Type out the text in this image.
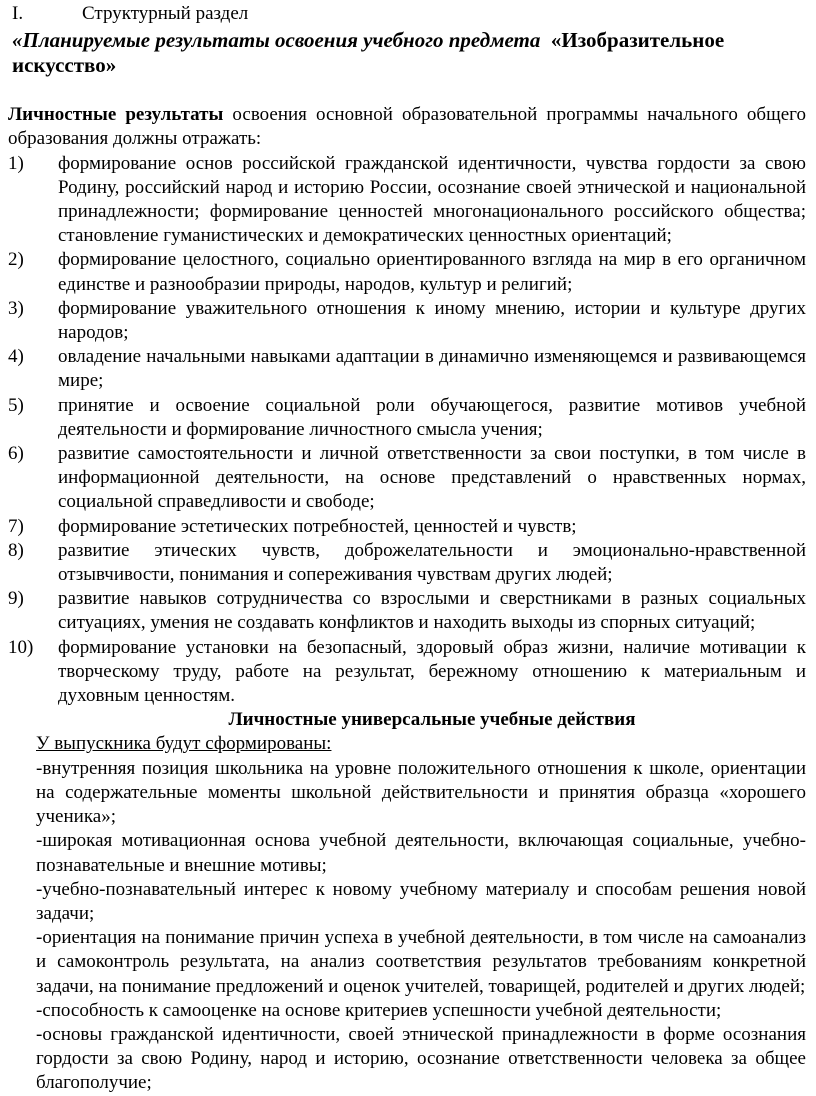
I.	Структурный раздел
«Планируемые результаты освоения учебного предмета «Изобразительное искусство»
Личностные результаты освоения основной образовательной программы начального общего образования должны отражать:
1)	формирование основ российской гражданской идентичности, чувства гордости за свою Родину, российский народ и историю России, осознание своей этнической и национальной принадлежности; формирование ценностей многонационального российского общества; становление гуманистических и демократических ценностных ориентаций;
2)	формирование целостного, социально ориентированного взгляда на мир в его органичном единстве и разнообразии природы, народов, культур и религий;
3)	формирование уважительного отношения к иному мнению, истории и культуре других народов;
4)	овладение начальными навыками адаптации в динамично изменяющемся и развивающемся мире;
5)	принятие и освоение социальной роли обучающегося, развитие мотивов учебной деятельности и формирование личностного смысла учения;
6)	развитие самостоятельности и личной ответственности за свои поступки, в том числе в информационной деятельности, на основе представлений о нравственных нормах, социальной справедливости и свободе;
7)	формирование эстетических потребностей, ценностей и чувств;
8)	развитие этических чувств, доброжелательности и эмоционально-нравственной отзывчивости, понимания и сопереживания чувствам других людей;
9)	развитие навыков сотрудничества со взрослыми и сверстниками в разных социальных ситуациях, умения не создавать конфликтов и находить выходы из спорных ситуаций;
10)	формирование установки на безопасный, здоровый образ жизни, наличие мотивации к творческому труду, работе на результат, бережному отношению к материальным и духовным ценностям.
Личностные универсальные учебные действия
У выпускника будут сформированы:

-внутренняя позиция школьника на уровне положительного отношения к школе, ориентации на содержательные моменты школьной действительности и принятия образца «хорошего ученика»;

-широкая мотивационная основа учебной деятельности, включающая социальные, учебно-познавательные и внешние мотивы;

-учебно-познавательный интерес к новому учебному материалу и способам решения новой задачи;

-ориентация на понимание причин успеха в учебной деятельности, в том числе на самоанализ и самоконтроль результата, на анализ соответствия результатов требованиям конкретной задачи, на понимание предложений и оценок учителей, товарищей, родителей и других людей;

-способность к самооценке на основе критериев успешности учебной деятельности;

-основы гражданской идентичности, своей этнической принадлежности в форме осознания гордости за свою Родину, народ и историю, осознание ответственности человека за общее благополучие;
